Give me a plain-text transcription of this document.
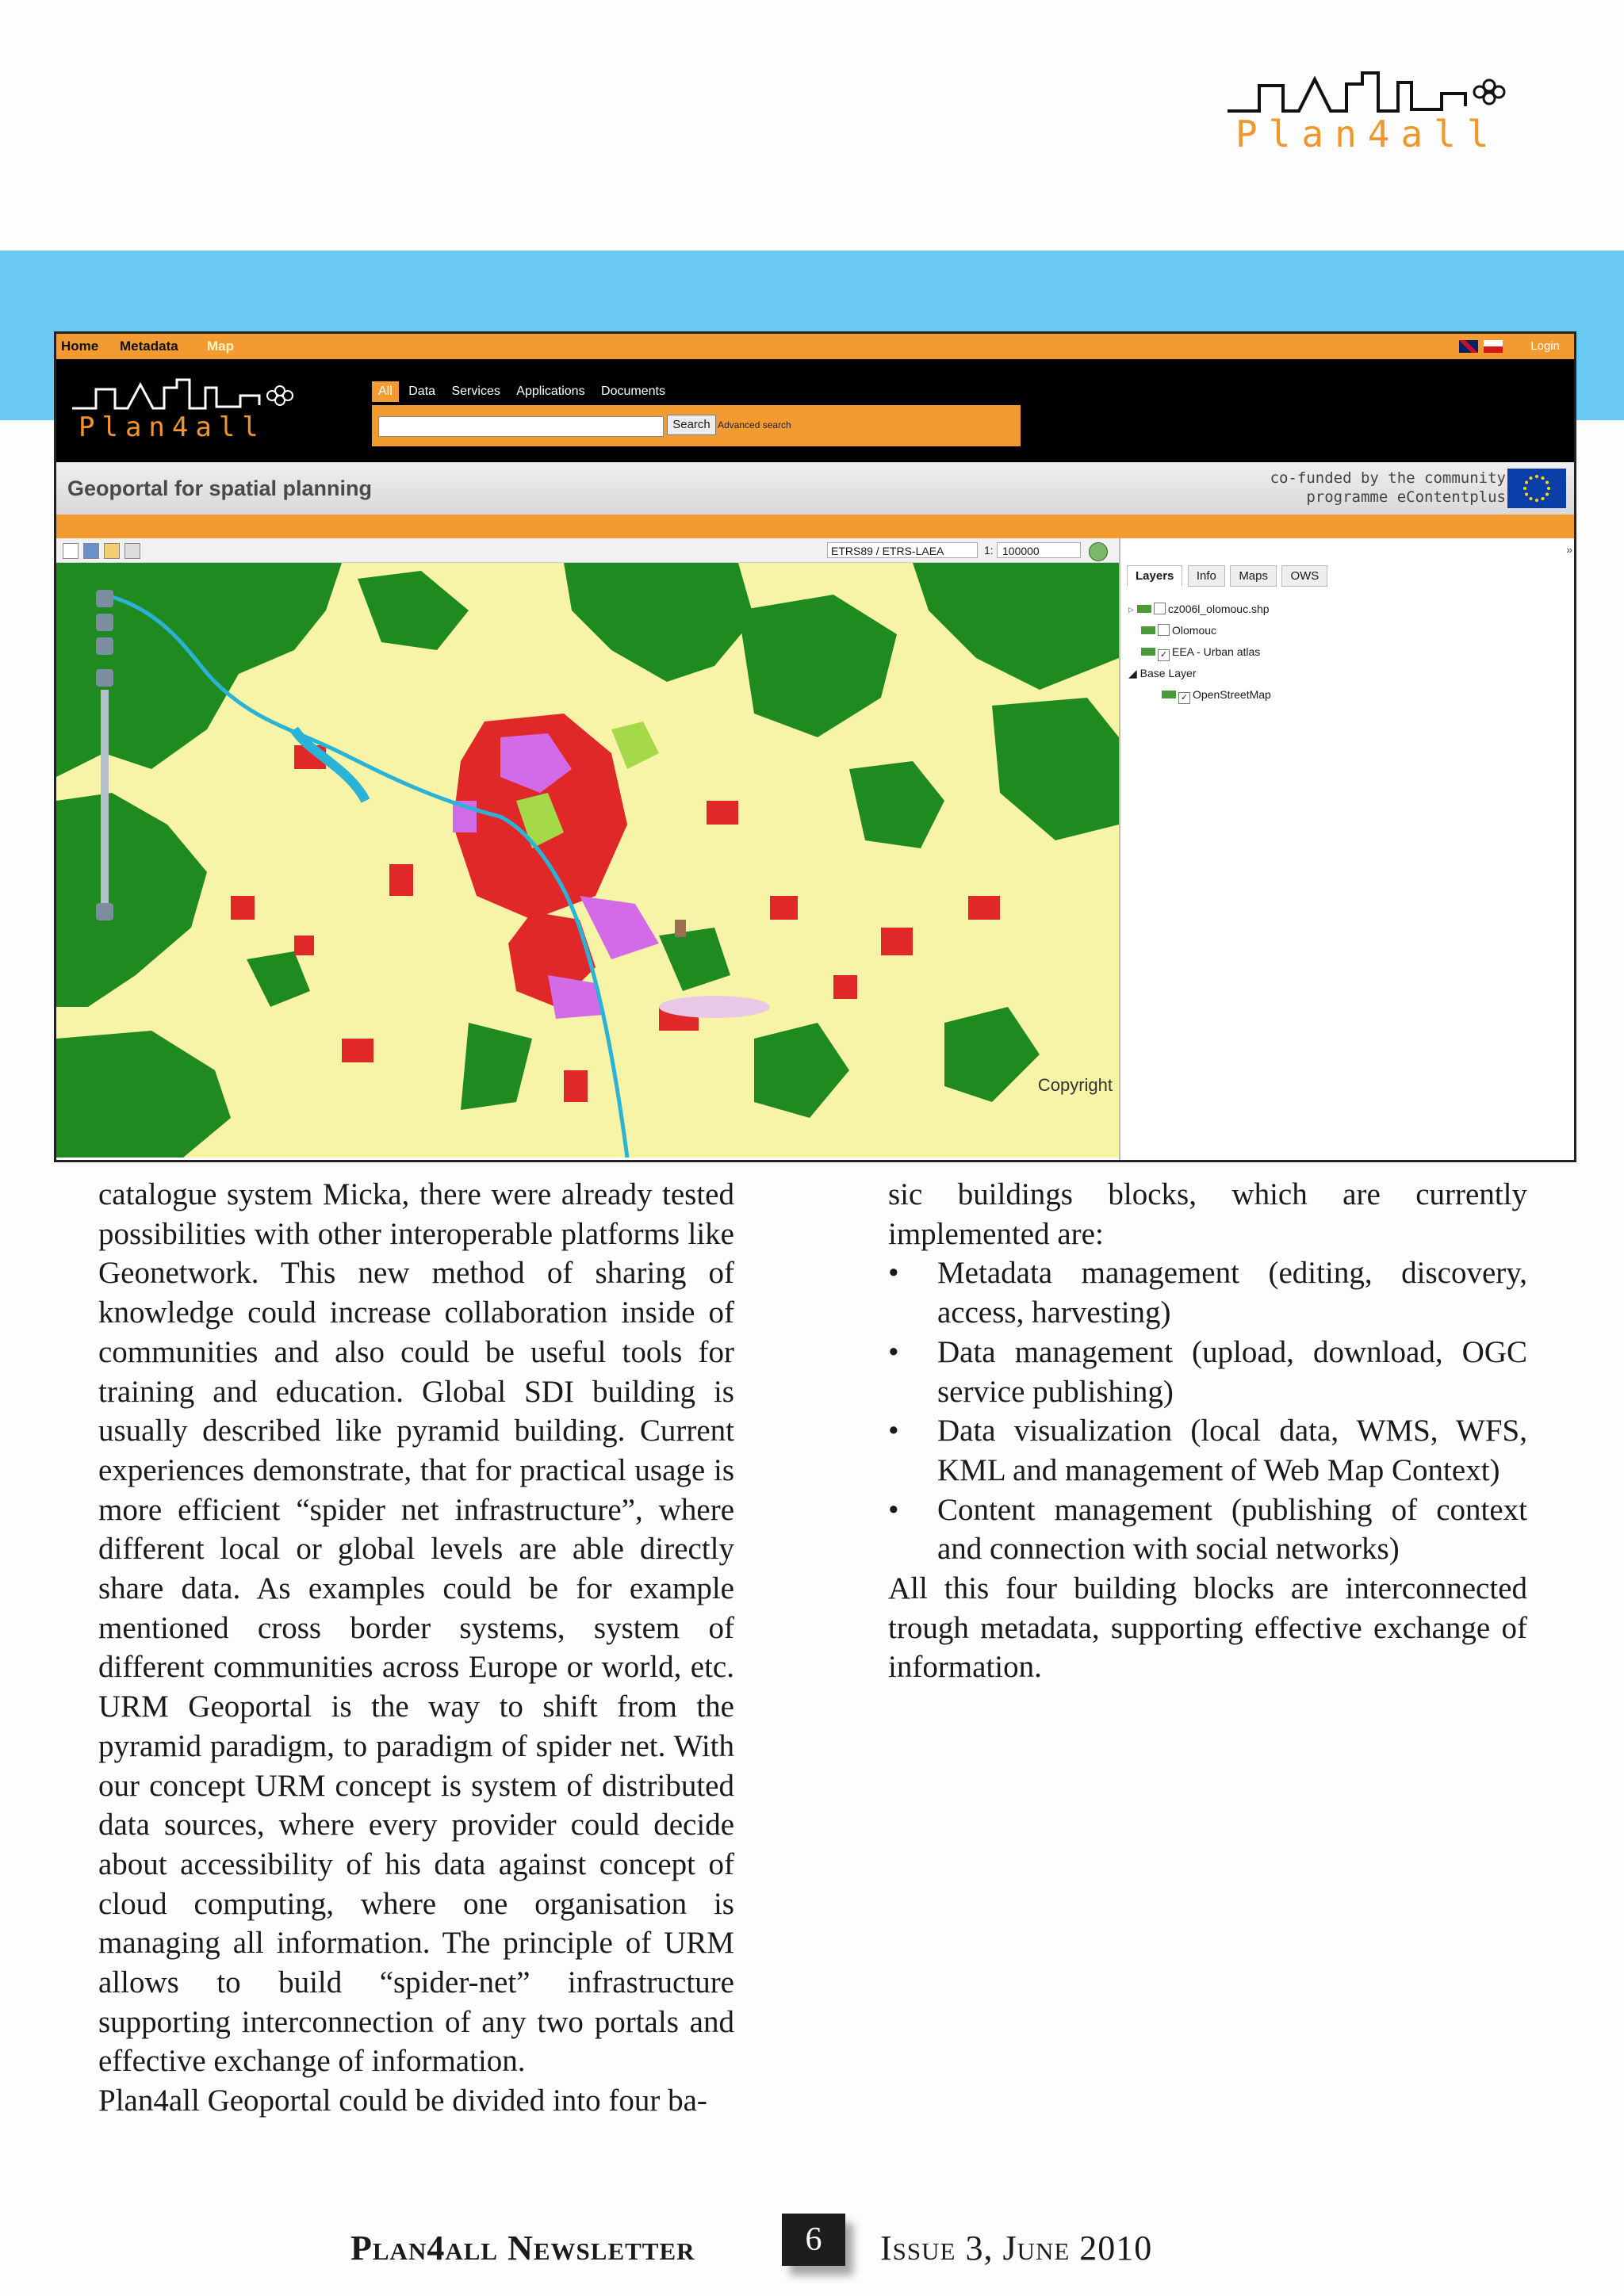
Plan4all
Home Metadata Map
	Login
Plan4all
All Data Services Applications Documents
Search Advanced search
Geoportal for spatial planning	co-funded by the community
programme eContentplus
ETRS89 / ETRS-LAEA	1: 100000
Copyright
»
Layers Info Maps OWS
▹	cz006l_olomouc.shp
Olomouc
✓ EEA - Urban atlas
◢ Base Layer
✓ OpenStreetMap

catalogue system Micka, there were already tested possibilities with other interoperable platforms like Geonetwork. This new method of sharing of knowledge could increase collaboration inside of communities and also could be useful tools for training and education. Global SDI building is usually described like pyramid building. Current experiences demonstrate, that for practical usage is more efficient “spider net infrastructure”, where different local or global levels are able directly share data. As examples could be for example mentioned cross border systems, system of different communities across Europe or world, etc. URM Geoportal is the way to shift from the pyramid paradigm, to paradigm of spider net. With our concept URM concept is system of distributed data sources, where every provider could decide about accessibility of his data against concept of cloud computing, where one organisation is managing all information. The principle of URM allows to build “spider-net” infrastructure supporting interconnection of any two portals and effective exchange of information.

Plan4all Geoportal could be divided into four ba-

sic buildings blocks, which are currently implemented are:

•	Metadata management (editing, discovery, access, harvesting)
•	Data management (upload, download, OGC service publishing)
•	Data visualization (local data, WMS, WFS, KML and management of Web Map Context)
•	Content management (publishing of context and connection with social networks)

All this four building blocks are interconnected trough metadata, supporting effective exchange of information.

Plan4all Newsletter	6	Issue 3, June 2010
